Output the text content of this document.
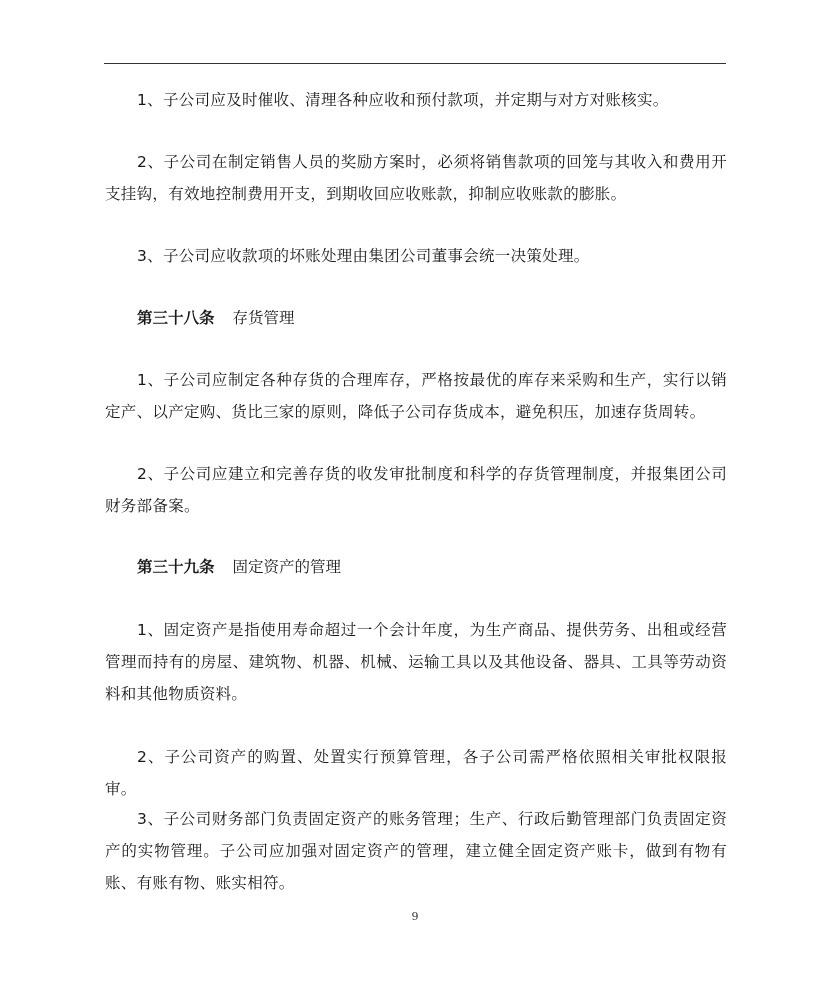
1、子公司应及时催收、清理各种应收和预付款项，并定期与对方对账核实。

2、子公司在制定销售人员的奖励方案时，必须将销售款项的回笼与其收入和费用开支挂钩，有效地控制费用开支，到期收回应收账款，抑制应收账款的膨胀。

3、子公司应收款项的坏账处理由集团公司董事会统一决策处理。

第三十八条 存货管理

1、子公司应制定各种存货的合理库存，严格按最优的库存来采购和生产，实行以销定产、以产定购、货比三家的原则，降低子公司存货成本，避免积压，加速存货周转。

2、子公司应建立和完善存货的收发审批制度和科学的存货管理制度，并报集团公司财务部备案。

第三十九条 固定资产的管理

1、固定资产是指使用寿命超过一个会计年度，为生产商品、提供劳务、出租或经营管理而持有的房屋、建筑物、机器、机械、运输工具以及其他设备、器具、工具等劳动资料和其他物质资料。

2、子公司资产的购置、处置实行预算管理，各子公司需严格依照相关审批权限报审。

3、子公司财务部门负责固定资产的账务管理；生产、行政后勤管理部门负责固定资产的实物管理。子公司应加强对固定资产的管理，建立健全固定资产账卡，做到有物有账、有账有物、账实相符。

9
